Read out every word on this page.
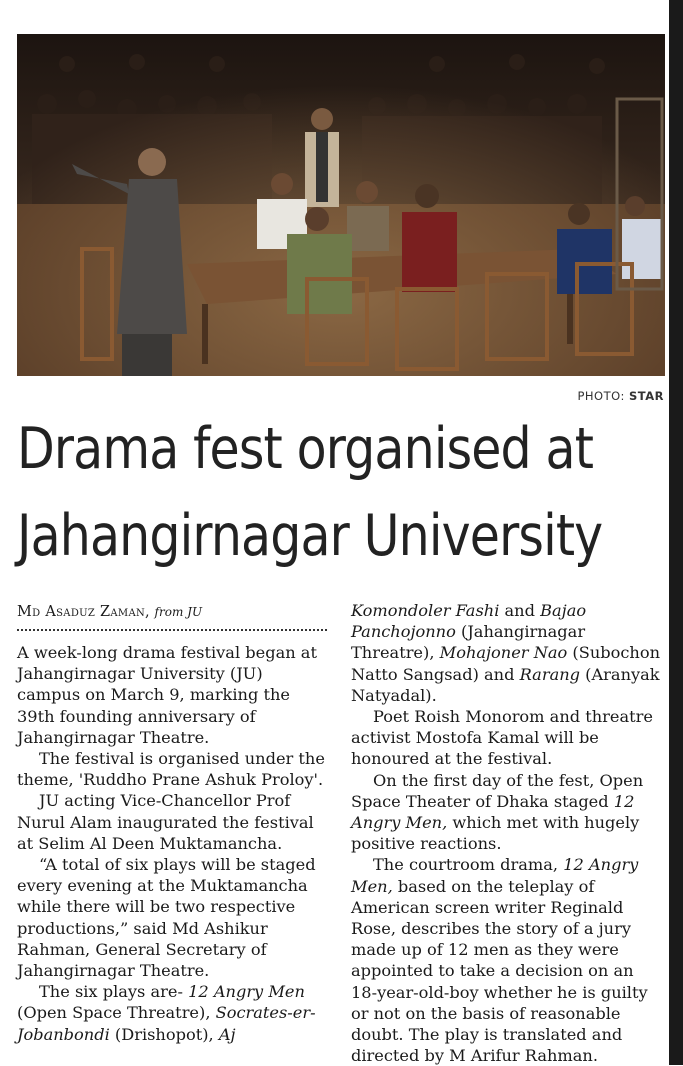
PHOTO: STAR
Drama fest organised at
Jahangirnagar University
Md Asaduz Zaman, from JU

A week-long drama festival began at Jahangirnagar University (JU) campus on March 9, marking the 39th founding anniversary of Jahangirnagar Theatre.

The festival is organised under the theme, 'Ruddho Prane Ashuk Proloy'.

JU acting Vice-Chancellor Prof Nurul Alam inaugurated the festival at Selim Al Deen Muktamancha.

“A total of six plays will be staged every evening at the Muktamancha while there will be two respective productions,” said Md Ashikur Rahman, General Secretary of Jahangirnagar Theatre.

The six plays are- 12 Angry Men (Open Space Threatre), Socrates-er-Jobanbondi (Drishopot), Aj

Komondoler Fashi and Bajao Panchojonno (Jahangirnagar Threatre), Mohajoner Nao (Subochon Natto Sangsad) and Rarang (Aranyak Natyadal).

Poet Roish Monorom and threatre activist Mostofa Kamal will be honoured at the festival.

On the first day of the fest, Open Space Theater of Dhaka staged 12 Angry Men, which met with hugely positive reactions.

The courtroom drama, 12 Angry Men, based on the teleplay of American screen writer Reginald Rose, describes the story of a jury made up of 12 men as they were appointed to take a decision on an 18-year-old-boy whether he is guilty or not on the basis of reasonable doubt. The play is translated and directed by M Arifur Rahman.
